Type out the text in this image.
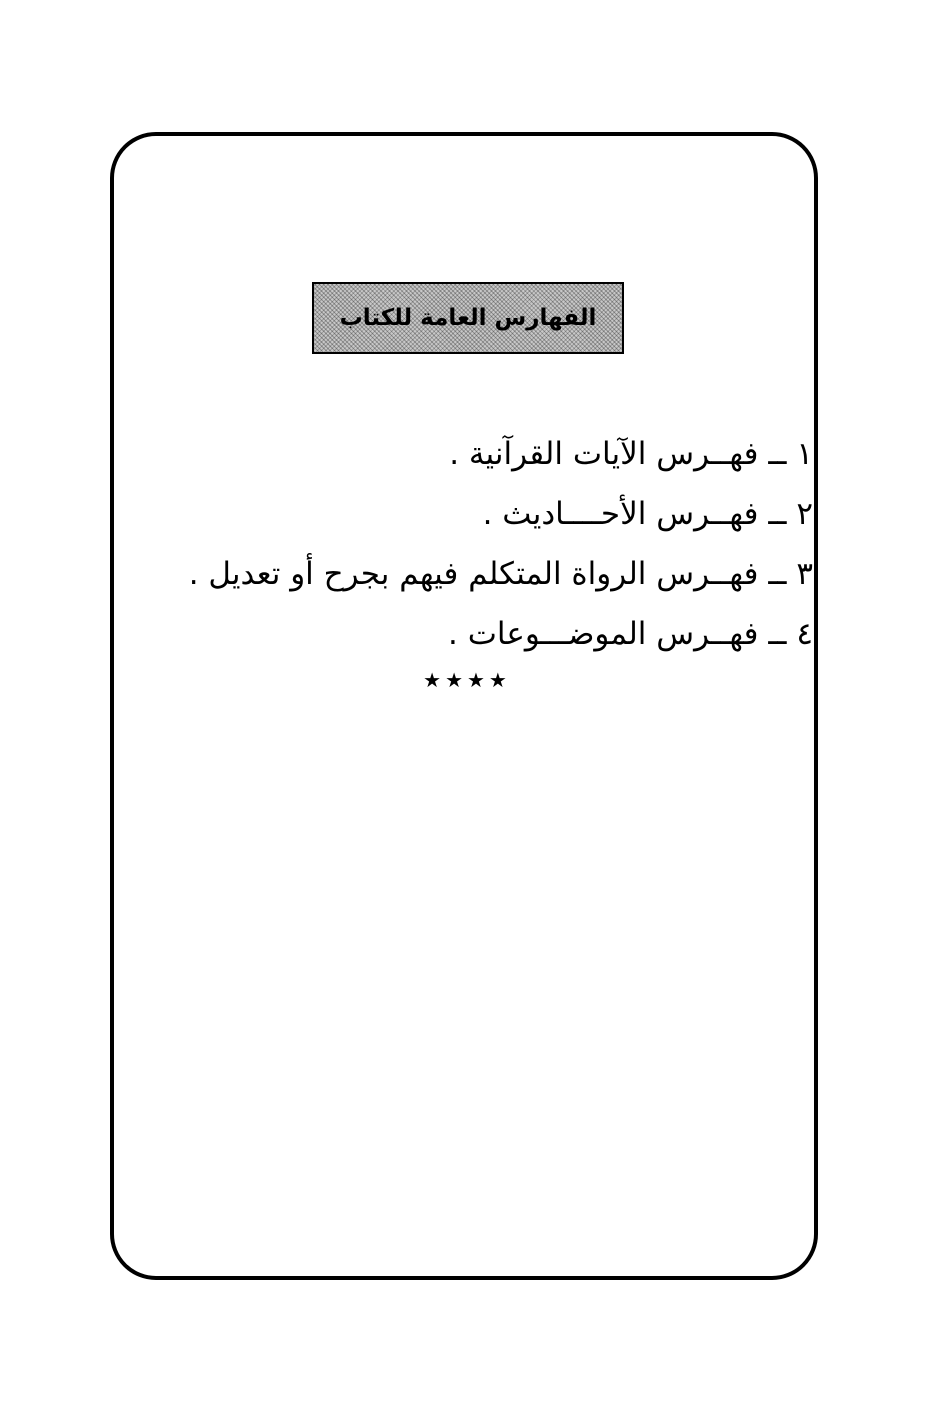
الفهارس العامة للكتاب
١ ــ فهــرس الآيات القرآنية .
٢ ــ فهــرس الأحــــاديث .
٣ ــ فهــرس الرواة المتكلم فيهم بجرح أو تعديل .
٤ ــ فهــرس الموضـــوعات .
★★★★
